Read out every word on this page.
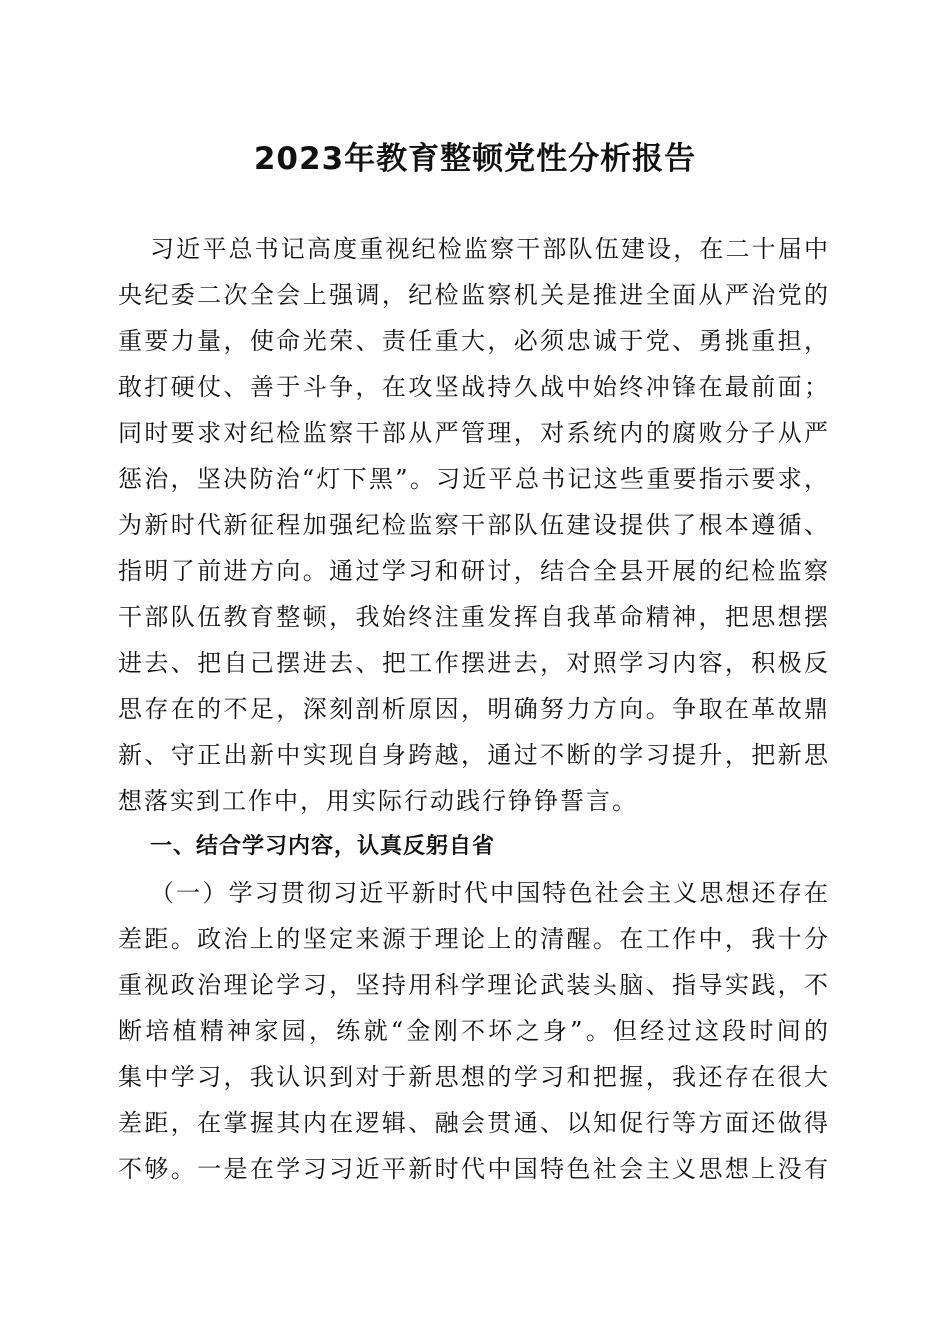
2023年教育整顿党性分析报告

习近平总书记高度重视纪检监察干部队伍建设，在二十届中

央纪委二次全会上强调，纪检监察机关是推进全面从严治党的

重要力量，使命光荣、责任重大，必须忠诚于党、勇挑重担，

敢打硬仗、善于斗争，在攻坚战持久战中始终冲锋在最前面；

同时要求对纪检监察干部从严管理，对系统内的腐败分子从严

惩治，坚决防治“灯下黑”。习近平总书记这些重要指示要求，

为新时代新征程加强纪检监察干部队伍建设提供了根本遵循、

指明了前进方向。通过学习和研讨，结合全县开展的纪检监察

干部队伍教育整顿，我始终注重发挥自我革命精神，把思想摆

进去、把自己摆进去、把工作摆进去，对照学习内容，积极反

思存在的不足，深刻剖析原因，明确努力方向。争取在革故鼎

新、守正出新中实现自身跨越，通过不断的学习提升，把新思

想落实到工作中，用实际行动践行铮铮誓言。

一、结合学习内容，认真反躬自省

（一）学习贯彻习近平新时代中国特色社会主义思想还存在

差距。政治上的坚定来源于理论上的清醒。在工作中，我十分

重视政治理论学习，坚持用科学理论武装头脑、指导实践，不

断培植精神家园，练就“金刚不坏之身”。但经过这段时间的

集中学习，我认识到对于新思想的学习和把握，我还存在很大

差距，在掌握其内在逻辑、融会贯通、以知促行等方面还做得

不够。一是在学习习近平新时代中国特色社会主义思想上没有
